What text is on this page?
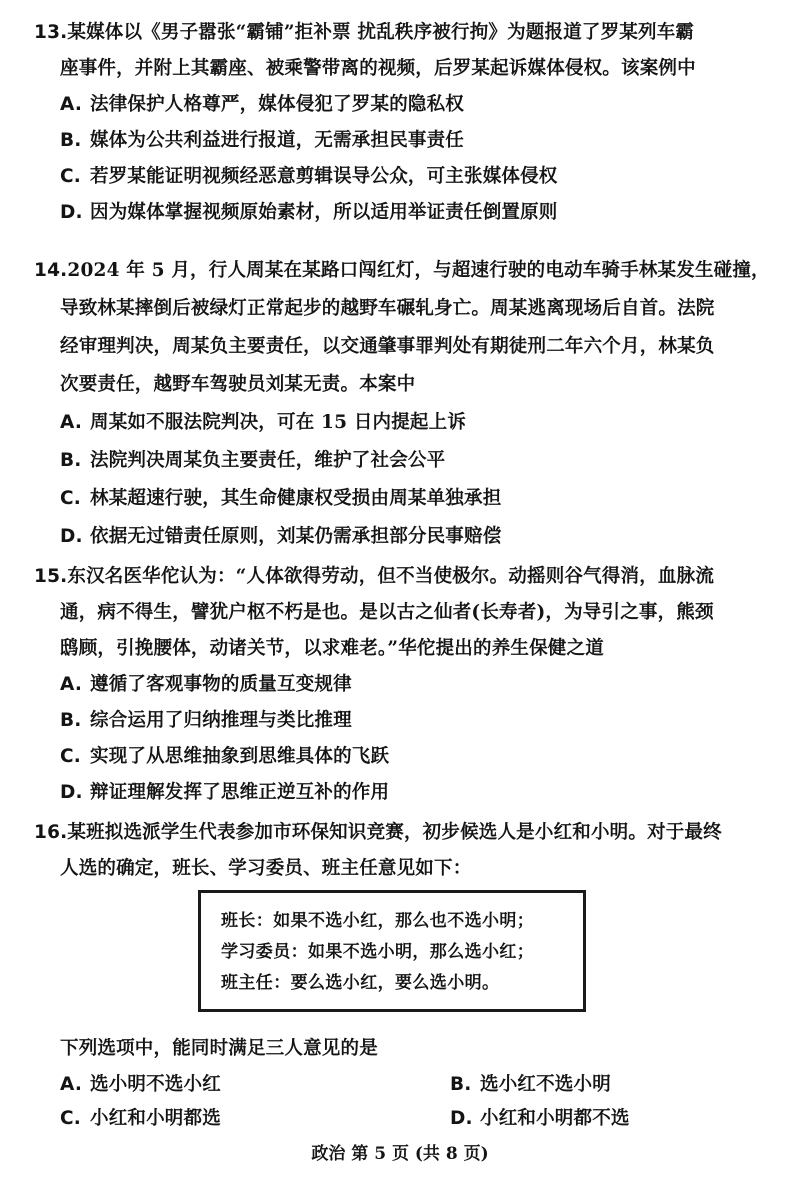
13.某媒体以《男子嚣张“霸铺”拒补票 扰乱秩序被行拘》为题报道了罗某列车霸
座事件，并附上其霸座、被乘警带离的视频，后罗某起诉媒体侵权。该案例中
A. 法律保护人格尊严，媒体侵犯了罗某的隐私权
B. 媒体为公共利益进行报道，无需承担民事责任
C. 若罗某能证明视频经恶意剪辑误导公众，可主张媒体侵权
D. 因为媒体掌握视频原始素材，所以适用举证责任倒置原则
14.2024 年 5 月，行人周某在某路口闯红灯，与超速行驶的电动车骑手林某发生碰撞，
导致林某摔倒后被绿灯正常起步的越野车碾轧身亡。周某逃离现场后自首。法院
经审理判决，周某负主要责任，以交通肇事罪判处有期徒刑二年六个月，林某负
次要责任，越野车驾驶员刘某无责。本案中
A. 周某如不服法院判决，可在 15 日内提起上诉
B. 法院判决周某负主要责任，维护了社会公平
C. 林某超速行驶，其生命健康权受损由周某单独承担
D. 依据无过错责任原则，刘某仍需承担部分民事赔偿
15.东汉名医华佗认为：“人体欲得劳动，但不当使极尔。动摇则谷气得消，血脉流
通，病不得生，譬犹户枢不朽是也。是以古之仙者(长寿者)，为导引之事，熊颈
鸱顾，引挽腰体，动诸关节，以求难老。”华佗提出的养生保健之道
A. 遵循了客观事物的质量互变规律
B. 综合运用了归纳推理与类比推理
C. 实现了从思维抽象到思维具体的飞跃
D. 辩证理解发挥了思维正逆互补的作用
16.某班拟选派学生代表参加市环保知识竞赛，初步候选人是小红和小明。对于最终
人选的确定，班长、学习委员、班主任意见如下：
班长：如果不选小红，那么也不选小明；
学习委员：如果不选小明，那么选小红；
班主任：要么选小红，要么选小明。
下列选项中，能同时满足三人意见的是
A. 选小明不选小红	B. 选小红不选小明
C. 小红和小明都选	D. 小红和小明都不选
政治 第 5 页 (共 8 页)
